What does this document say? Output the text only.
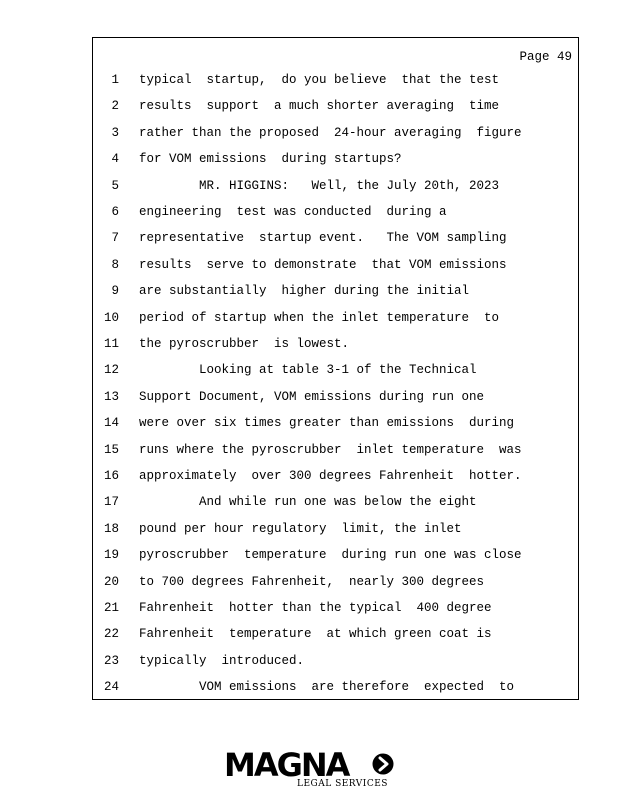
Page 49
1 typical  startup,  do you believe  that the test
2 results  support  a much shorter averaging  time
3 rather than the proposed  24-hour averaging  figure
4 for VOM emissions  during startups?
5 MR. HIGGINS:   Well, the July 20th, 2023
6 engineering  test was conducted  during a
7 representative  startup event.   The VOM sampling
8 results  serve to demonstrate  that VOM emissions
9 are substantially  higher during the initial
10 period of startup when the inlet temperature  to
11 the pyroscrubber  is lowest.
12 Looking at table 3-1 of the Technical
13 Support Document, VOM emissions during run one
14 were over six times greater than emissions  during
15 runs where the pyroscrubber  inlet temperature  was
16 approximately  over 300 degrees Fahrenheit  hotter.
17 And while run one was below the eight
18 pound per hour regulatory  limit, the inlet
19 pyroscrubber  temperature  during run one was close
20 to 700 degrees Fahrenheit,  nearly 300 degrees
21 Fahrenheit  hotter than the typical  400 degree
22 Fahrenheit  temperature  at which green coat is
23 typically  introduced.
24 VOM emissions  are therefore  expected  to
MAGNA
LEGAL SERVICES
